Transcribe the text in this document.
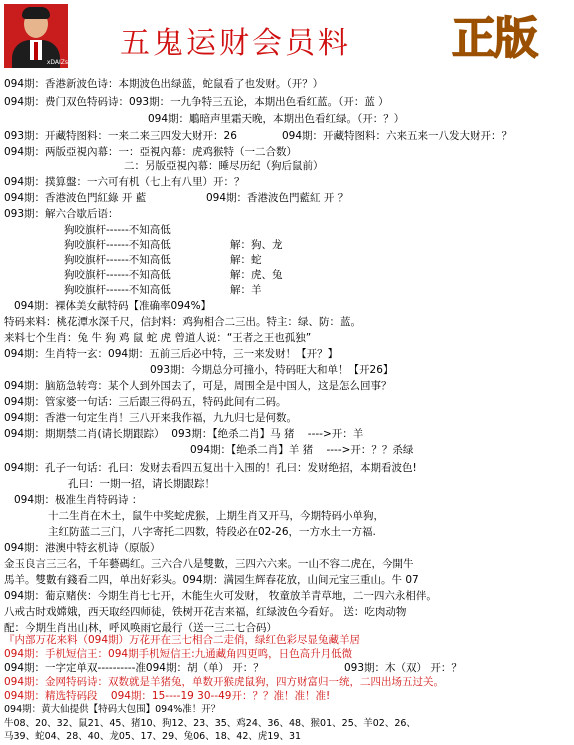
xDAIZs
五鬼运财会员料 正版
094期：香港新波色诗：本期波色出绿蓝，蛇鼠看了也发财。（开？）
094期：费门双色特码诗：093期：一九争特三五论，本期出色看红蓝。（开：蓝 ）
094期：鵰暗声里霜天晚，本期出色看红绿。（开：？）
093期：开藏特图料：一来二来三四发大财开：26	094期：开藏特图料：六来五来一八发大财开：？
094期：两版亞視內幕：一：亞視內幕：虎鸡猴特（一二合数）
二：另版亞視內幕：睡尽历纪（狗后鼠前）
094期：撲算盤：一六可有机（七上有八里）开：？
094期：香港波色門紅綠 开 藍	094期：香港波色門藍紅 开 ？
093期：解六合歇后语：
狗咬旗杆------不知高低
狗咬旗杆------不知高低	解：狗、龙
狗咬旗杆------不知高低	解：蛇
狗咬旗杆------不知高低	解：虎、兔
狗咬旗杆------不知高低	解：羊
094期：裸体美女献特码【准确率094%】
特码来料：桃花潭水深千尺，信封料：鸡狗相合二三出。特主：绿、防：蓝。
来料七个生肖：兔 牛 狗 鸡 鼠 蛇 虎 曾道人说：“王者之王也孤独”
094期：生肖特一玄：094期：五前三后必中特，三一来发财！【开？】
093期：今期总分可撞小，特码旺大和单！【开26】
094期：脑筋急转弯：某个人到外国去了，可是，周围全是中国人，这是怎么回事？
094期：管家婆一句话：三后跟三得码五，特码此间有二码。
094期：香港一句定生肖！三八开来我作福，九九归七是何数。
094期：期期禁二肖(请长期跟踪）  093期：【绝杀二肖】马 猪    ---->开：羊
094期：【绝杀二肖】羊 猪    ---->开：？？杀绿
094期：孔子一句话：孔曰：发财去看四五复出十入围的！孔曰：发财绝招，本期看波色!
孔曰：一期一招，请长期跟踪！
094期：极准生肖特码诗 ：
十二生肖在木土，鼠牛中奖蛇虎猴，上期生肖又开马，今期特码小单狗，
主红防蓝二三门，八字寄托二四数，特段必在02-26，一方水土一方福.
094期：港澳中特玄机诗（原版）
金玉良言三三名，千年藝碼红。三六合八是雙數，三四六六来。一山不容二虎在，今開牛
馬羊。雙數有錢看二四，单出好彩头。094期：满园生辉春花放，山间元宝三重山。牛 07
094期：葡京赌侠：今期生肖七七开，木能生火可发财， 牧童放羊青草地，二一四六永相伴。
八戒古时戏嫦娥，西天取经四师徒，铁树开花吉来福，红绿波色今看好。 送：吃肉动物
配：今期生肖出山林，呼风唤雨它最行（送一三二七合码）
『内部万花来料（094期）万花开在三七相合二走俏，绿红色彩尽显兔藏羊居
094期：手机短信王：094期手机短信王:九通藏角四更鸣，日色高升月低微
094期：一字定单双----------准094期：胡（单） 开：？	093期：木（双） 开：？
094期：金网特码诗：双数就是羊猪兔，单数开猴虎鼠狗，四方财富归一统，二四出场五过关。
094期：精选特码段    094期：15----19 30--49开：？？准！准！准!
094期：黄大仙提供【特码大包围】094%准！开？
牛08、20、32、鼠21、45、猪10、狗12、23、35、鸡24、36、48、猴01、25、羊02、26、
马39、蛇04、28、40、龙05、17、29、兔06、18、42、虎19、31
